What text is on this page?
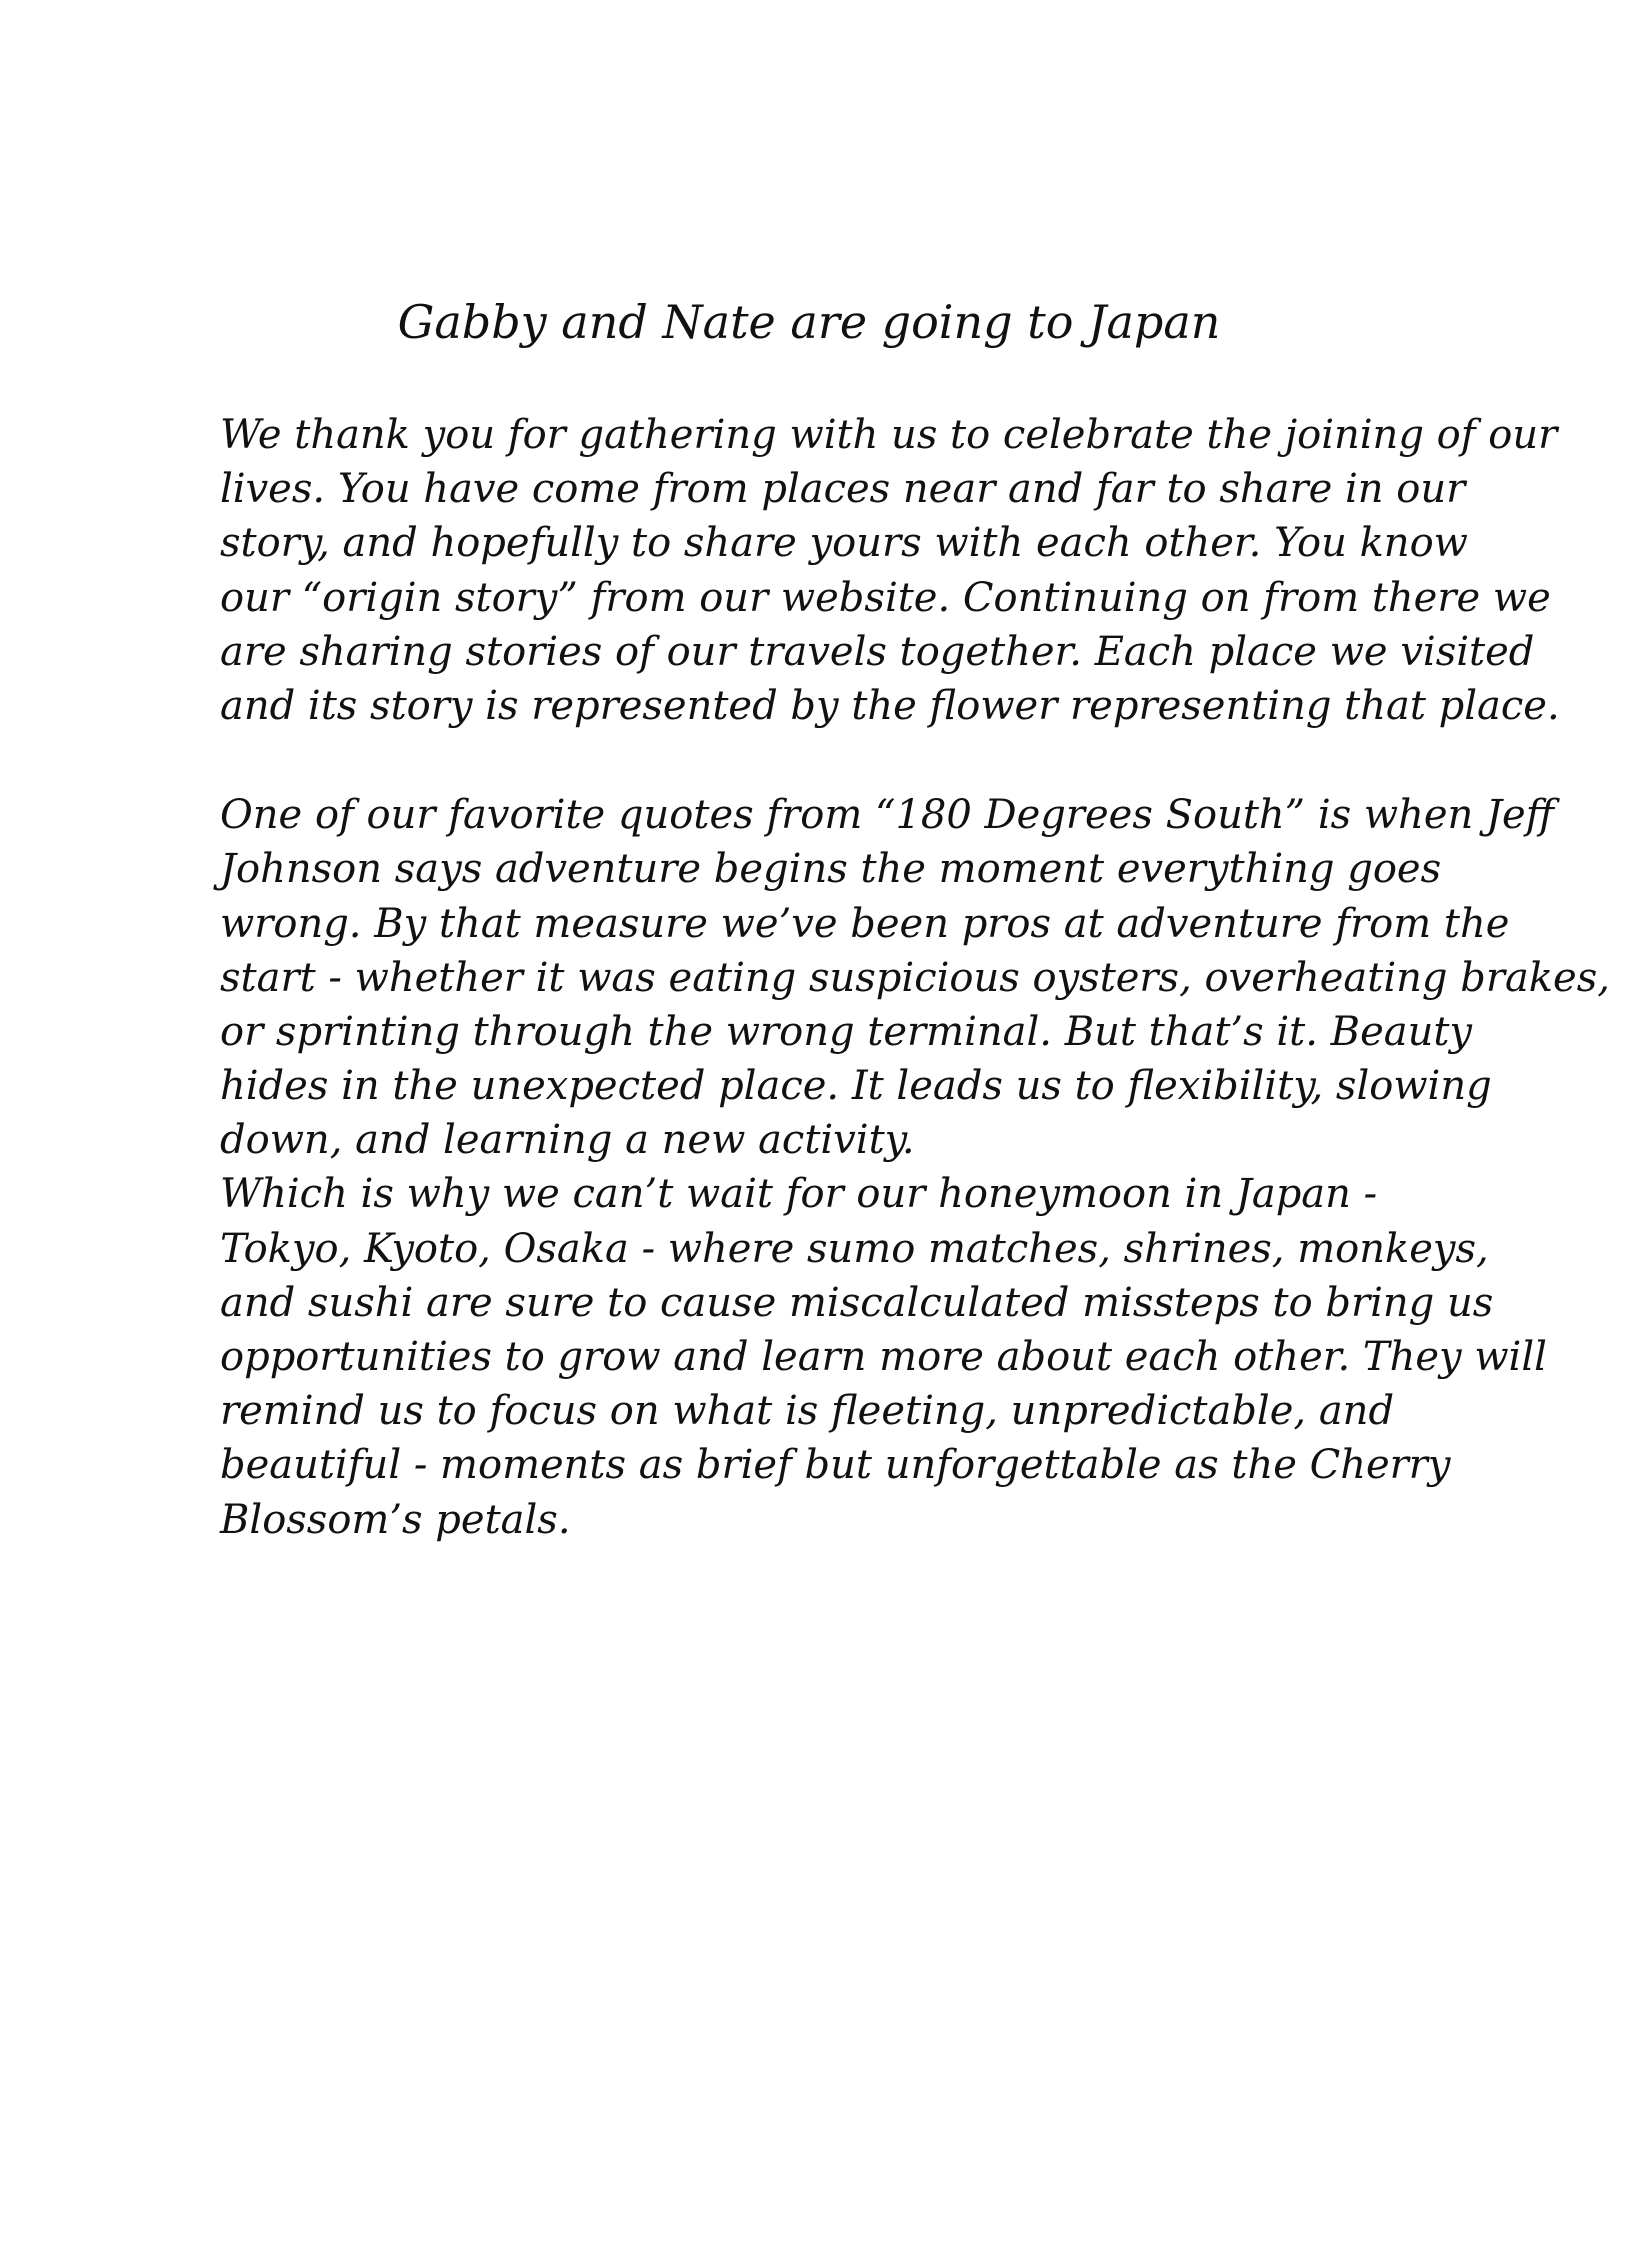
Gabby and Nate are going to Japan
We thank you for gathering with us to celebrate the joining of our
lives. You have come from places near and far to share in our
story, and hopefully to share yours with each other. You know
our “origin story” from our website. Continuing on from there we
are sharing stories of our travels together. Each place we visited
and its story is represented by the flower representing that place.
One of our favorite quotes from “180 Degrees South” is when Jeff
Johnson says adventure begins the moment everything goes
wrong. By that measure we’ve been pros at adventure from the
start - whether it was eating suspicious oysters, overheating brakes,
or sprinting through the wrong terminal. But that’s it. Beauty
hides in the unexpected place. It leads us to flexibility, slowing
down, and learning a new activity.
Which is why we can’t wait for our honeymoon in Japan -
Tokyo, Kyoto, Osaka - where sumo matches, shrines, monkeys,
and sushi are sure to cause miscalculated missteps to bring us
opportunities to grow and learn more about each other. They will
remind us to focus on what is fleeting, unpredictable, and
beautiful - moments as brief but unforgettable as the Cherry
Blossom’s petals.
